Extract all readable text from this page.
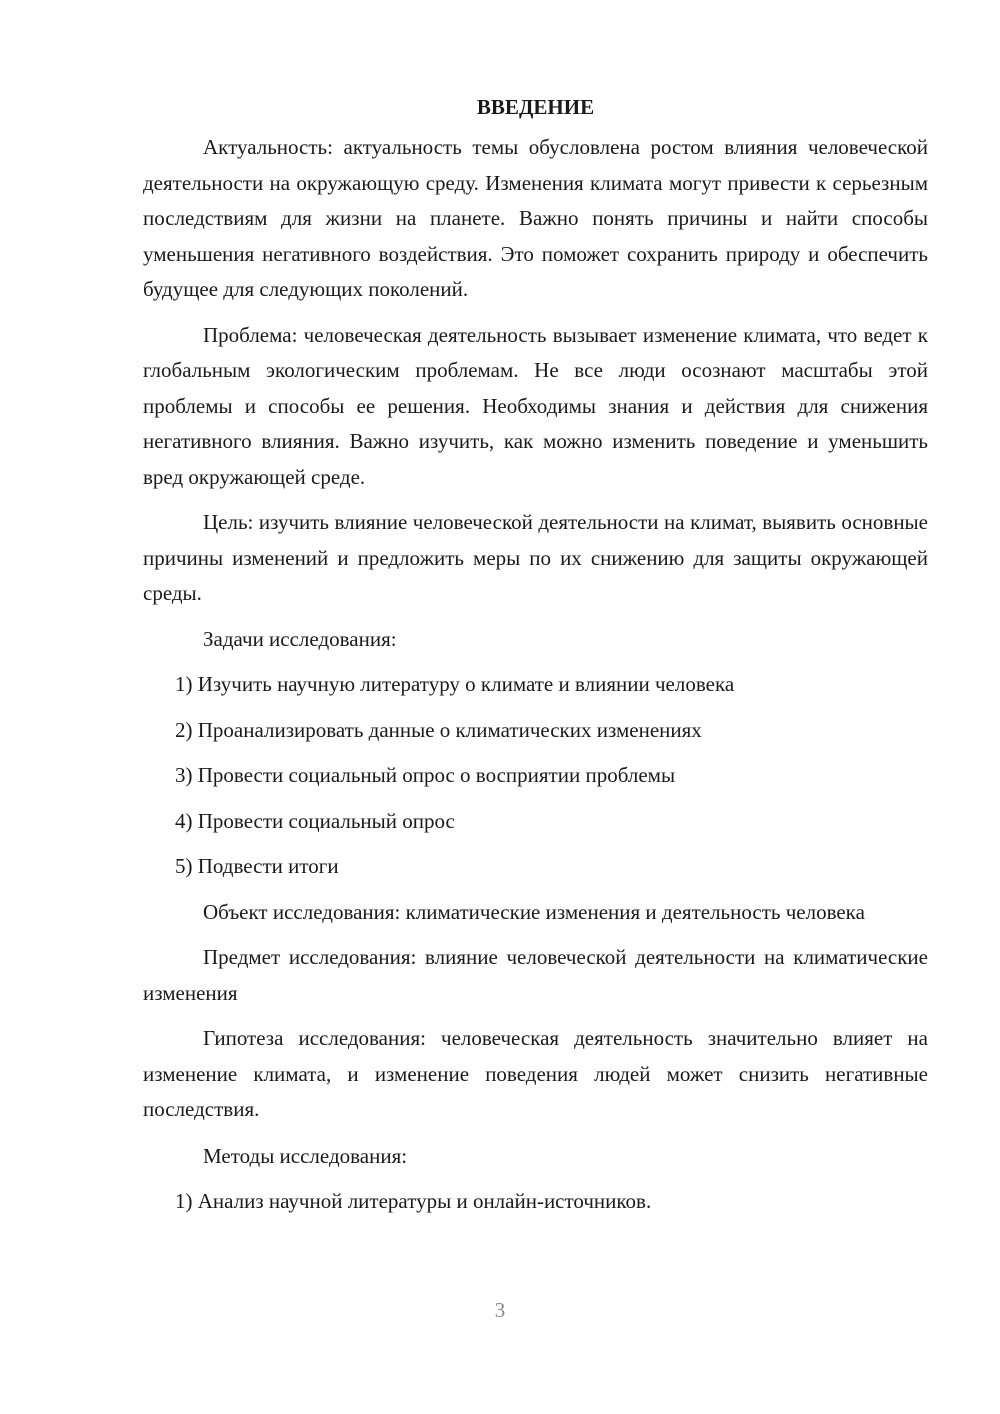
ВВЕДЕНИЕ

Актуальность: актуальность темы обусловлена ростом влияния человеческой деятельности на окружающую среду. Изменения климата могут привести к серьезным последствиям для жизни на планете. Важно понять причины и найти способы уменьшения негативного воздействия. Это поможет сохранить природу и обеспечить будущее для следующих поколений.

Проблема: человеческая деятельность вызывает изменение климата, что ведет к глобальным экологическим проблемам. Не все люди осознают масштабы этой проблемы и способы ее решения. Необходимы знания и действия для снижения негативного влияния. Важно изучить, как можно изменить поведение и уменьшить вред окружающей среде.

Цель: изучить влияние человеческой деятельности на климат, выявить основные причины изменений и предложить меры по их снижению для защиты окружающей среды.

Задачи исследования:
1) Изучить научную литературу о климате и влиянии человека
2) Проанализировать данные о климатических изменениях
3) Провести социальный опрос о восприятии проблемы
4) Провести социальный опрос
5) Подвести итоги

Объект исследования: климатические изменения и деятельность человека

Предмет исследования: влияние человеческой деятельности на климатические изменения

Гипотеза исследования: человеческая деятельность значительно влияет на изменение климата, и изменение поведения людей может снизить негативные последствия.

Методы исследования:
1) Анализ научной литературы и онлайн-источников.
3
